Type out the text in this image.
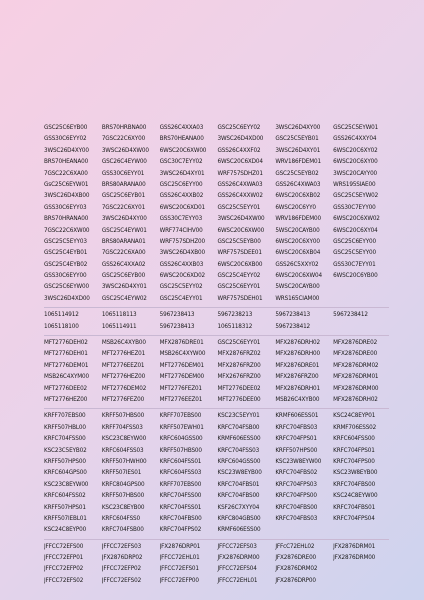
GSC25C6EYB00	BRS70HRBNA00	GSS26C4XXA03	GSC25C6EYY02	3WSC26D4XY00	GSC25C5EYW01
GSS30C6EYY02	7GSC22C6XY00	BRS70HEANA00	3WSC26D4XD00	GSC25C5EYB01	GSS26C4XXY04
3WSC26D4XY00	3WSC26D4XW00	6WSC20C6XW00	GSS26C4XXF02	3WSC26D4XY01	6WSC20C6XY02
BRS70HEANA00	GSC26C4EYW00	GSC30C7EYY02	6WSC20C6XD04	WRV186FDEM01	6WSC20C6XY00
7GSC22C6XA00	GSS30C6EYY01	3WSC26D4XY01	WRF757SDHZ01	GSC25C5EYB02	3WSC20CAYY00
GsC25C6EYW01	BRS80ARANA00	GSC25C6EYY00	GSS26C4XWA03	GSS26C4XWA03	WRS195SIAE00
3WSC26D4XB00	GSC25C6EYB01	GSS26C4XXB02	GSS26C4XXW02	6WSC20C6XB02	GSC25C5EYW02
GSS30C6EYY03	7GSC22C6XY01	6WSC20C6XD01	GSC25C5EYY01	6WSC20C6YY0	GSS30C7EYY00
BRS70HRANA00	3WSC26D4XY00	GSS30C7EYY03	3WSC26D4XW00	WRV186FDEM00	6WSC20C6XW02
7GSC22C6XW00	GSC25C4EYW01	WRF774CIHV00	6WSC20C6XW00	5WSC20CAYB00	6WSC20C6XY04
GSC25C5EYY03	BRS80ARANA01	WRF757SDHZ00	GSC25C5EYB00	6WSC20C6XY00	GSC25C6EYY00
GSC25C4EYB01	7GSC22C6XA00	3WSC26D4XB00	WRF757SDEE01	6WSC20C6XB04	GSC25C5EYY00
GSC25C4EYB02	GSS26C4XXA02	GSS26C4XXB03	6WSC20C6XB00	GSS26C5XXY02	GSS30C7EYY01
GSS30C6EYY00	GSC25C6EYB00	6WSC20C6XD02	GSC25C4EYY02	6WSC20C6XW04	6WSC20C6YB00
GSC25C6EYW00	3WSC26D4XY01	GSC25C5EYY02	GSC25C6EYY01	5WSC20CAYB00
3WSC26D4XD00	GSC25C4EYW02	GSC25C4EYY01	WRF757SDEH01	WRS165CIAM00
1065114912	1065118113	5967238413	5967238213	5967238413	5967238412
1065118100	1065114911	5967238413	1065118312	5967238412
MFT2776DEH02	MSB26C4XYB00	MFX2876DRE01	GSC25C6EYY01	MFX2876DRH02	MFX2876DRE02
MFT2776DEH01	MFT2776HEZ01	MSB26C4XYW00	MFX2876FRZ02	MFX2876DRH00	MFX2876DRE00
MFT2776DEM01	MFT2776EEZ01	MFT2776DEM01	MFX2876FRZ00	MFX2876DRE01	MFX2876DRM02
MSB26C4XYM00	MFT2776HEZ00	MFT2776DEM00	MFX2676FRZ00	MFX2876FRZ00	MFX2876DRM01
MFT2776DEE02	MFT2776DEM02	MFT2776FEZ01	MFT2776DEE02	MFX2876DRH01	MFX2876DRM00
MFT2776HEZ00	MFT2776FEZ00	MFT2776EEZ01	MFT2776DEE00	MSB26C4XYB00	MFX2876DRH02
KRFF707EBS00	KRFF507HBS00	KRFF707EBS00	KSC23C5EYY01	KRMF606ESS01	KSC24C8EYP01
KRFF507HBL00	KRFF704FSS03	KRFF507EWH01	KRFC704FSB00	KRFC704FBS03	KRMF706ESS02
KRFC704FSS00	KSC23C8EYW00	KRFC604GSS00	KRMF606ESS00	KRFC704FPS01	KRFC604FSS00
KSC23C5EYB02	KRFC604FSS03	KRFF507HBS00	KRFC704FSS03	KRFF507HPS00	KRFC704FPS01
KRFF507HPS00	KRFF507HWH00	KRFC604FSS01	KRFC604GSS00	KSC23W8EYW00	KRFC704FPS00
KRFC604GPS00	KRFF507IES01	KRFC604FSS03	KSC23W8EYB00	KRFC704FBS02	KSC23W8EYB00
KSC23C8EYW00	KRFC804GPS00	KRFF707EBS00	KRFC704FBS01	KRFC704FPS03	KRFC704FBS00
KRFC604FSS02	KRFF507HBS00	KRFC704FSS00	KRFC704FBS00	KRFC704FPS00	KSC24C8EYW00
KRFF507HPS01	KSC23C8EYB00	KRFC704FSS01	KSF26C7XYY04	KRFC704FBS00	KRFC704FBS01
KRFF507IEBL01	KRFC604FSS0	KRFC704FBS00	KRFC804GBS00	KRFC704FBS03	KRFC704FPS04
KSC24C8EYP00	KRFC704FSB00	KRFC704FPS02	KRMF606ESS00
JFFCC72EFS00	JFFCC72EFS03	JFX2876DRP01	JFFCC72EFS03	JFFcC72EHL02	JFX2876DRM01
JFFCC72EFP01	JFX2876DRP02	JFFCC72EHL01	JFX2876DRM00	JFX2876DRE00	JFX2876DRM00
JFFCC72EFP02	JFFCC72EFP02	JFFCC72EFS01	JFFCC72EFS04	JFX2876DRM02
JFFCC72EFS02	JFFCC72EFS02	JFFCC72EFP00	JFFCC72EHL01	JFX2876DRP00
